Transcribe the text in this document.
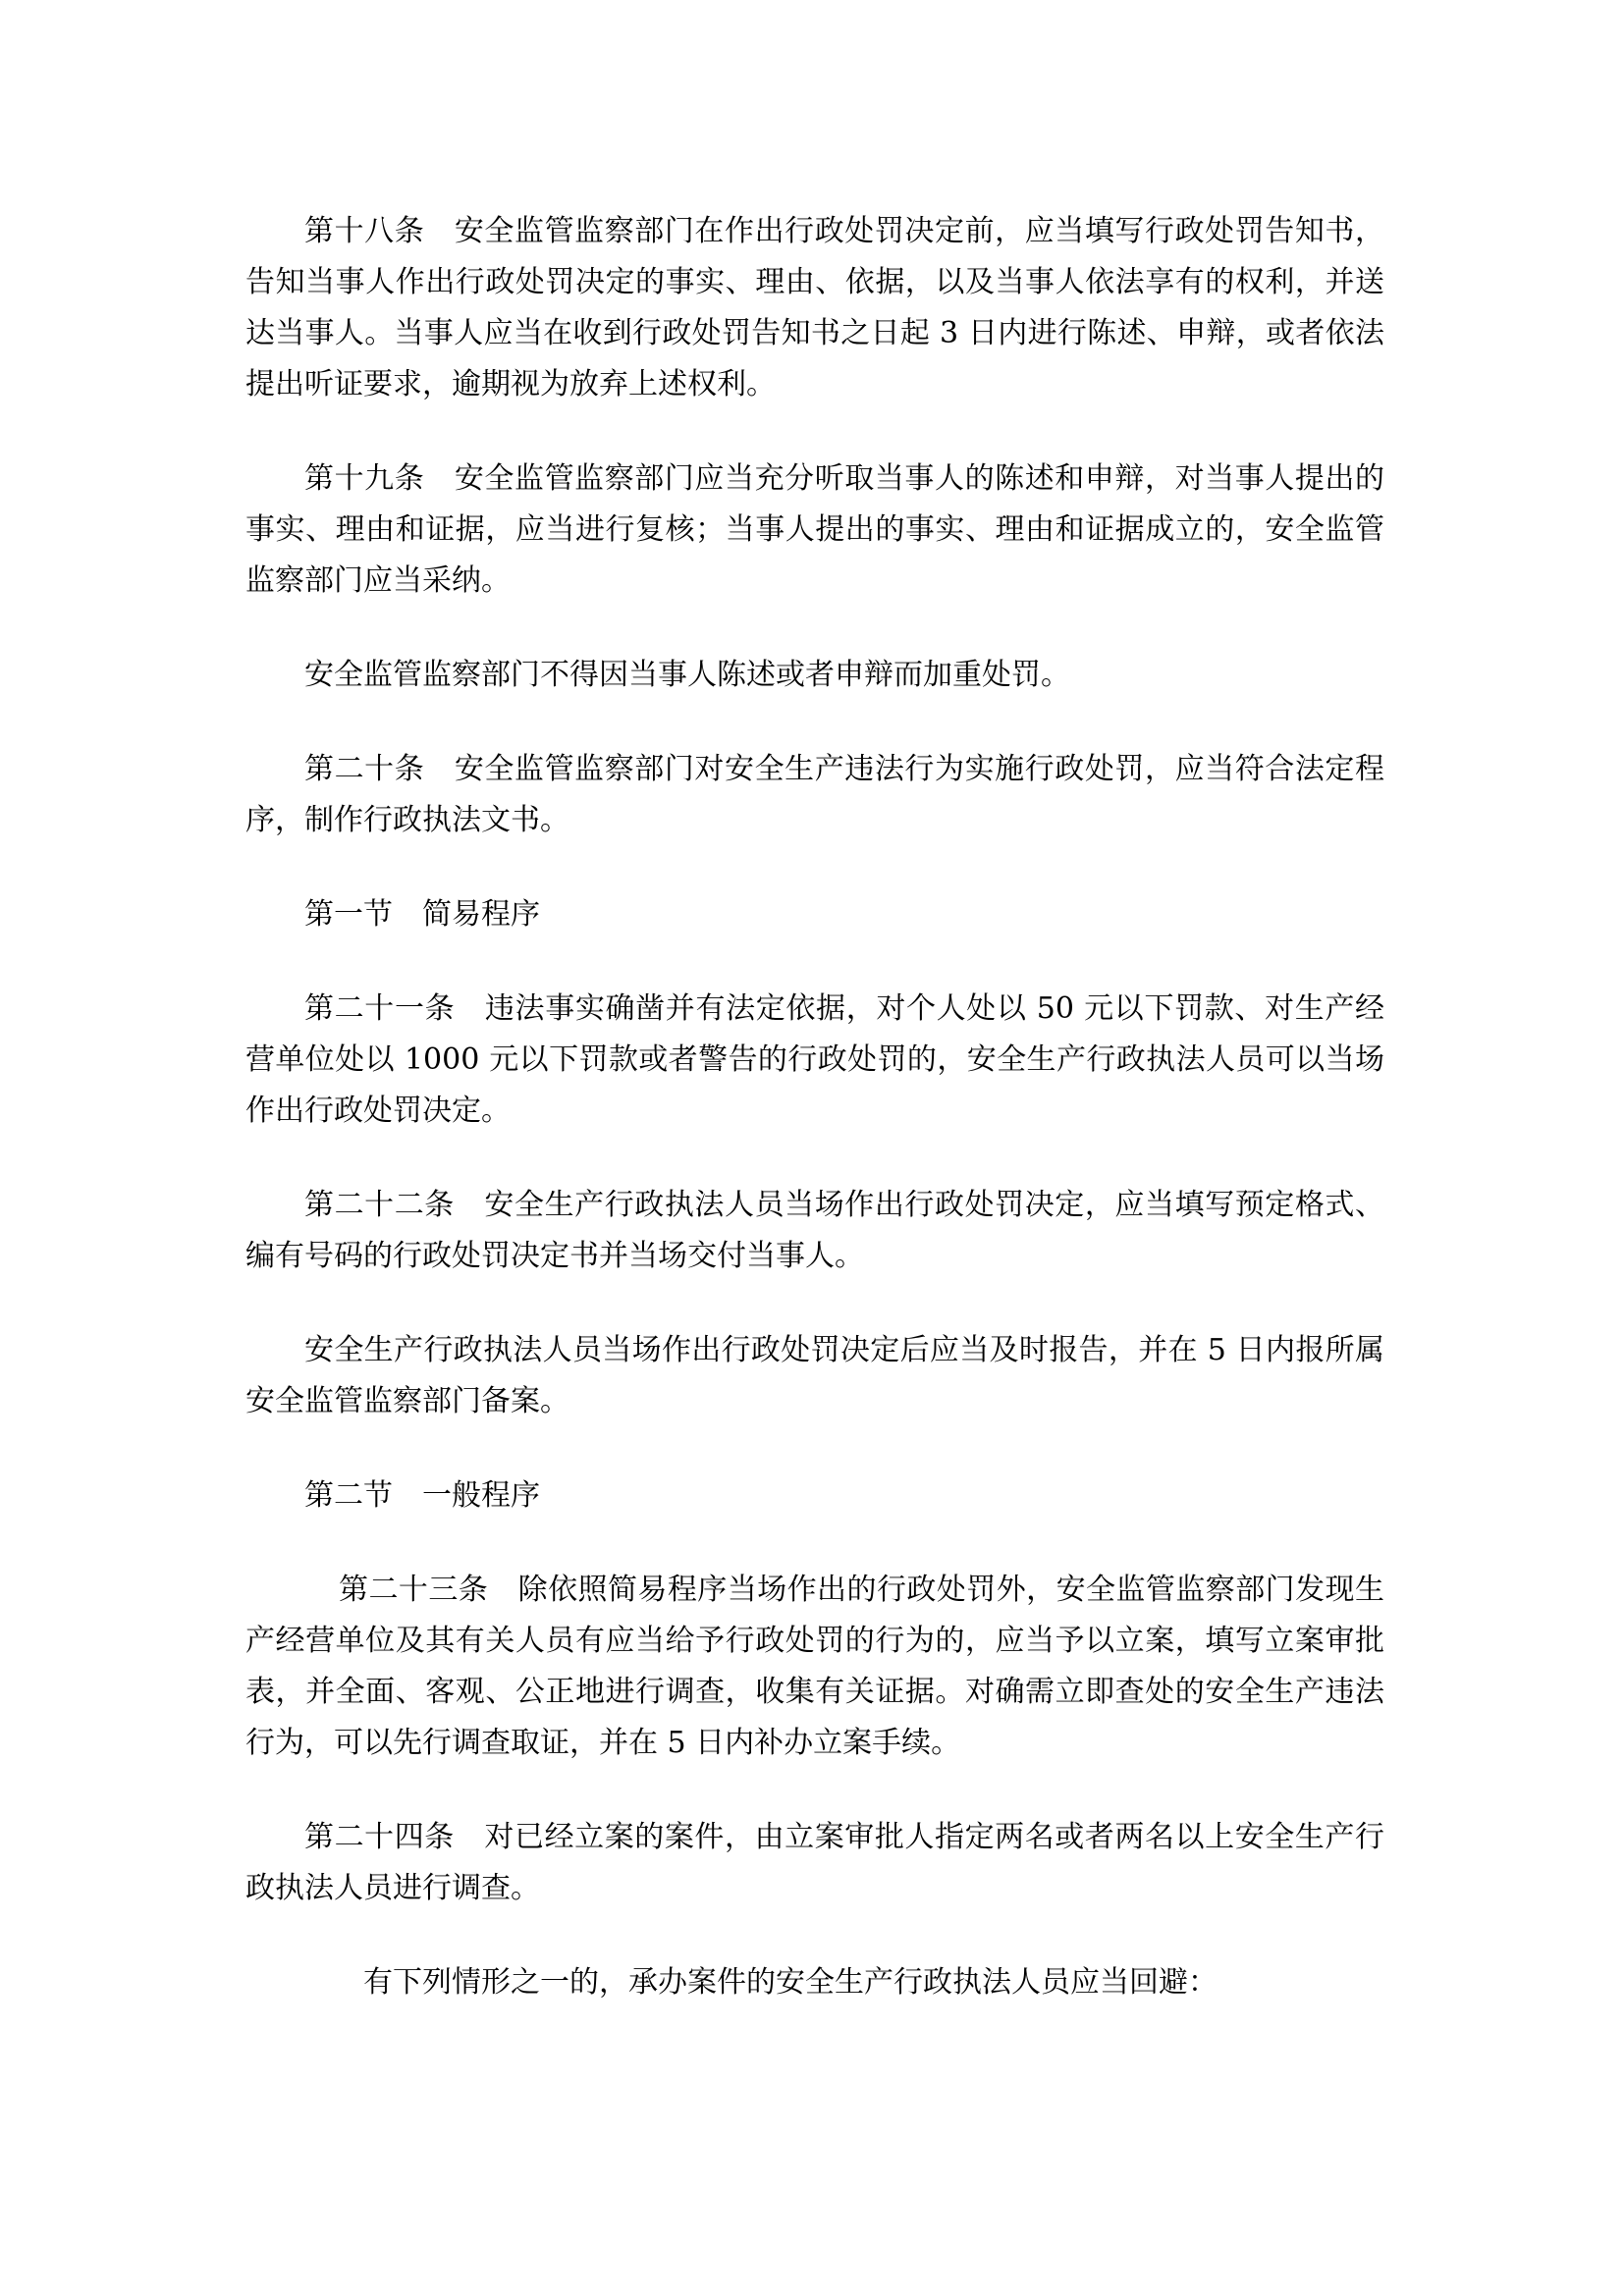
第十八条　安全监管监察部门在作出行政处罚决定前，应当填写行政处罚告知书，告知当事人作出行政处罚决定的事实、理由、依据，以及当事人依法享有的权利，并送达当事人。当事人应当在收到行政处罚告知书之日起 3 日内进行陈述、申辩，或者依法提出听证要求，逾期视为放弃上述权利。

第十九条　安全监管监察部门应当充分听取当事人的陈述和申辩，对当事人提出的事实、理由和证据，应当进行复核；当事人提出的事实、理由和证据成立的，安全监管监察部门应当采纳。

安全监管监察部门不得因当事人陈述或者申辩而加重处罚。

第二十条　安全监管监察部门对安全生产违法行为实施行政处罚，应当符合法定程序，制作行政执法文书。

第一节　简易程序

第二十一条　违法事实确凿并有法定依据，对个人处以 50 元以下罚款、对生产经营单位处以 1000 元以下罚款或者警告的行政处罚的，安全生产行政执法人员可以当场作出行政处罚决定。

第二十二条　安全生产行政执法人员当场作出行政处罚决定，应当填写预定格式、编有号码的行政处罚决定书并当场交付当事人。

安全生产行政执法人员当场作出行政处罚决定后应当及时报告，并在 5 日内报所属安全监管监察部门备案。

第二节　一般程序

第二十三条　除依照简易程序当场作出的行政处罚外，安全监管监察部门发现生产经营单位及其有关人员有应当给予行政处罚的行为的，应当予以立案，填写立案审批表，并全面、客观、公正地进行调查，收集有关证据。对确需立即查处的安全生产违法行为，可以先行调查取证，并在 5 日内补办立案手续。

第二十四条　对已经立案的案件，由立案审批人指定两名或者两名以上安全生产行政执法人员进行调查。

有下列情形之一的，承办案件的安全生产行政执法人员应当回避：
